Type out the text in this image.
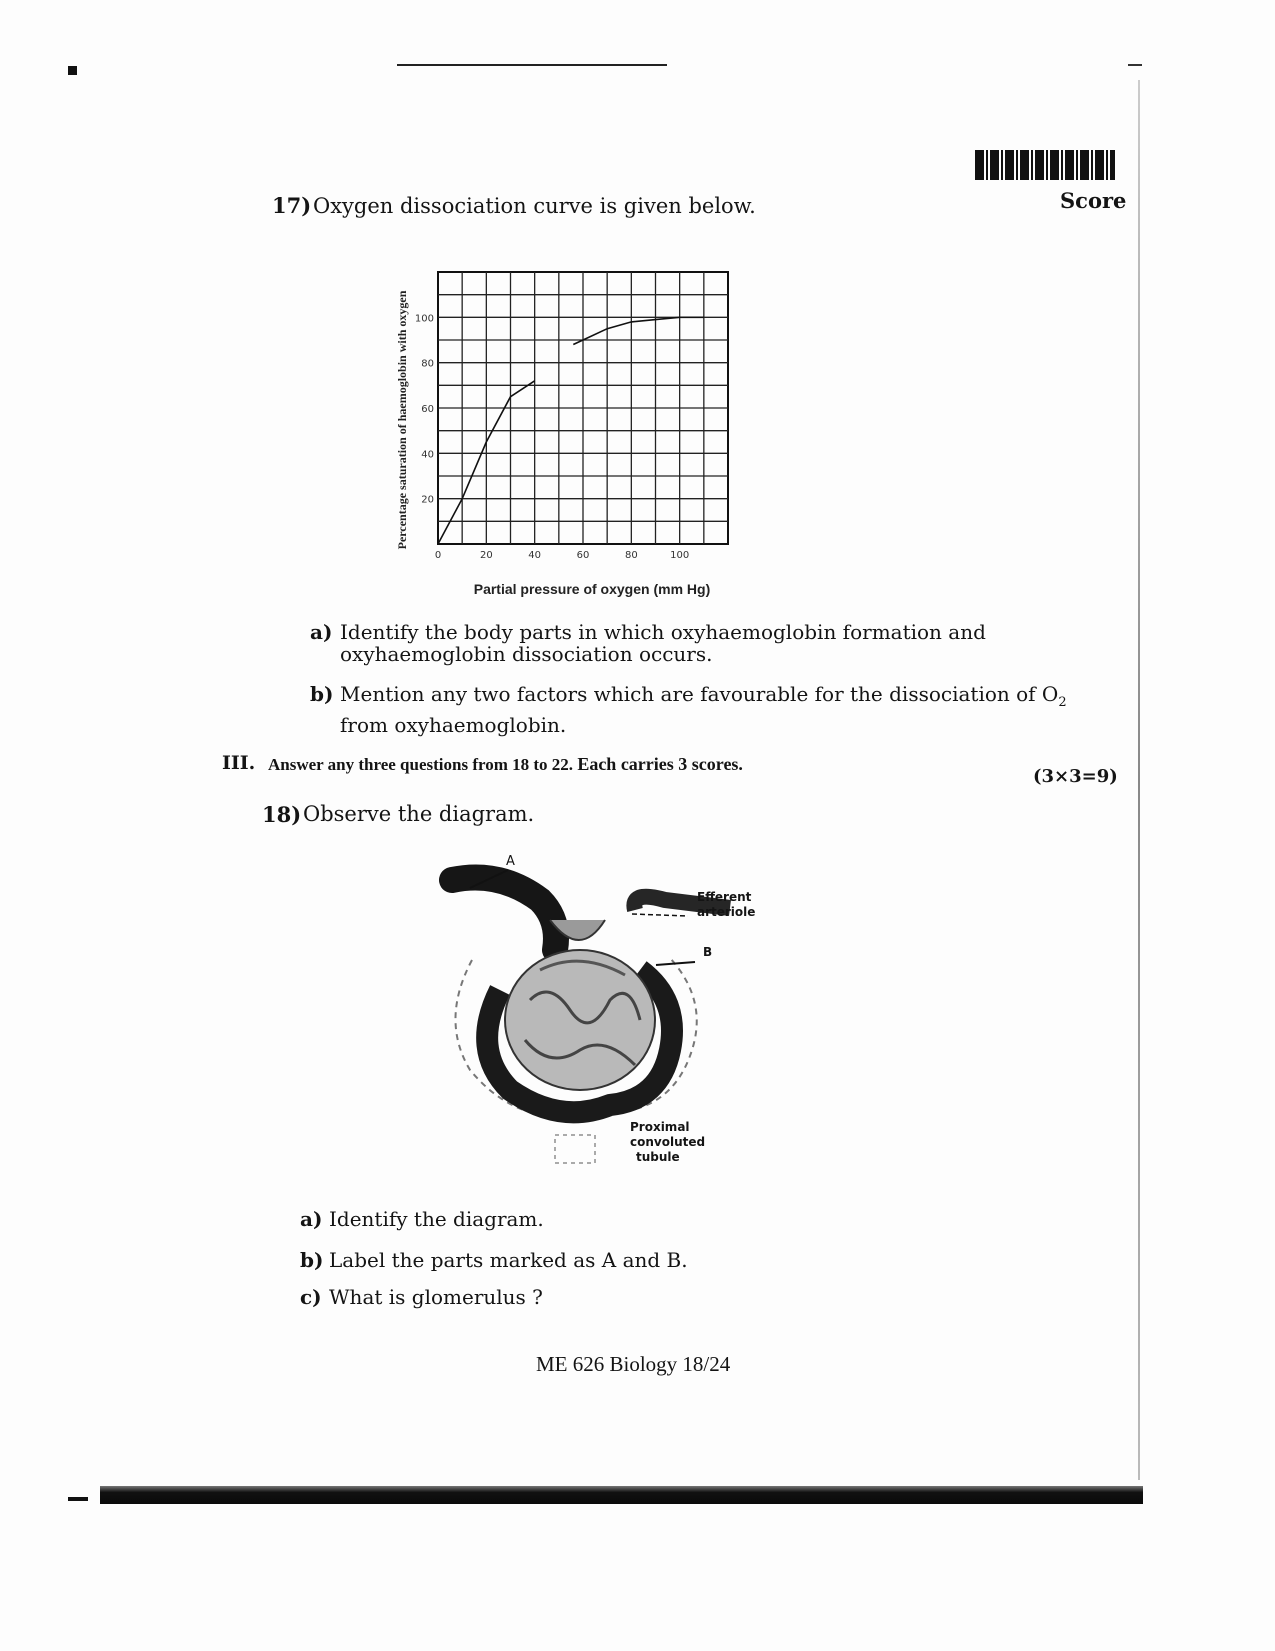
Score
17) Oxygen dissociation curve is given below.
0	20	40	60	80	100
20
40
60
80
100
Percentage saturation of haemoglobin with oxygen
Partial pressure of oxygen (mm Hg)
a) Identify the body parts in which oxyhaemoglobin formation and oxyhaemoglobin dissociation occurs.
b) Mention any two factors which are favourable for the dissociation of $O_2$ from oxyhaemoglobin.
III. Answer any three questions from 18 to 22. Each carries 3 scores.
(3×3=9)
18) Observe the diagram.
A
Efferent
arteriole
B
Proximal
convoluted
tubule
a) Identify the diagram.
b) Label the parts marked as A and B.
c) What is glomerulus ?
ME 626 Biology 18/24
